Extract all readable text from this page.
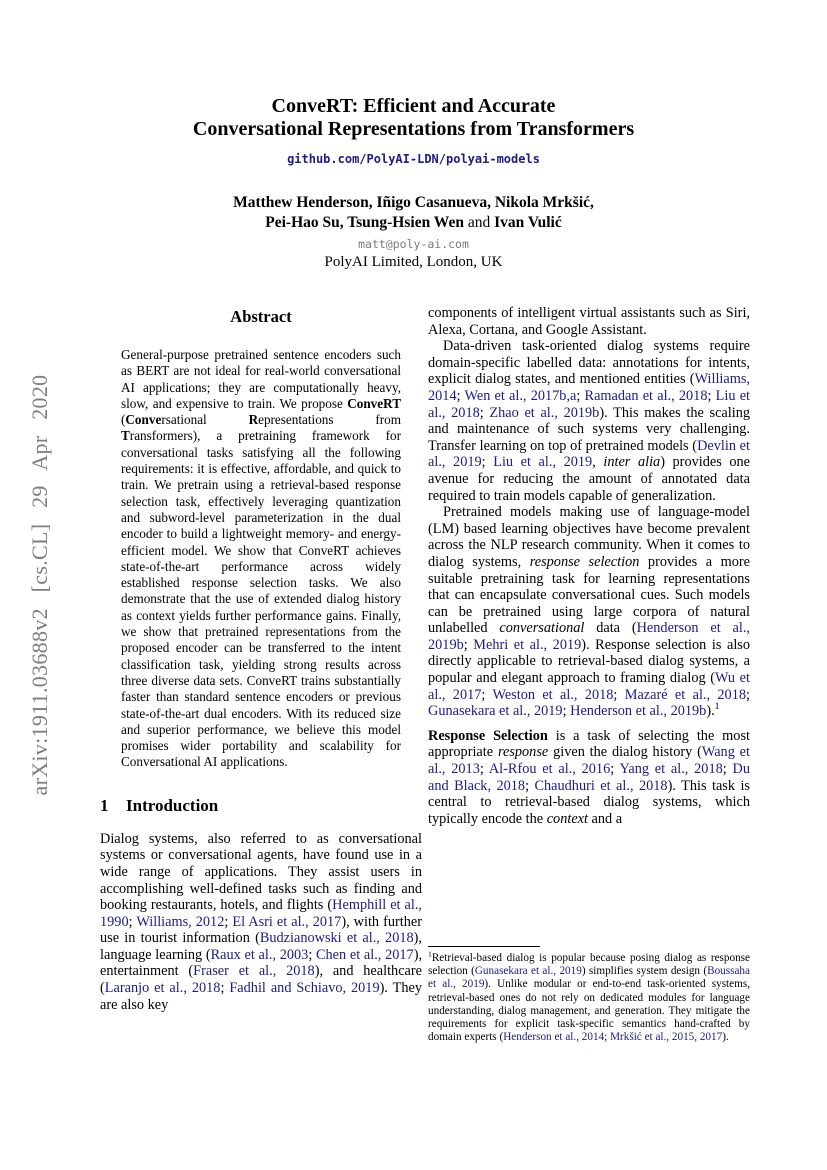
arXiv:1911.03688v2 [cs.CL] 29 Apr 2020
ConveRT: Efficient and Accurate
Conversational Representations from Transformers
github.com/PolyAI-LDN/polyai-models
Matthew Henderson, Iñigo Casanueva, Nikola Mrkšić,
Pei-Hao Su, Tsung-Hsien Wen and Ivan Vulić
matt@poly-ai.com
PolyAI Limited, London, UK
Abstract
General-purpose pretrained sentence encoders such as BERT are not ideal for real-world conversational AI applications; they are computationally heavy, slow, and expensive to train. We propose ConveRT (Conversational Representations from Transformers), a pretraining framework for conversational tasks satisfying all the following requirements: it is effective, affordable, and quick to train. We pretrain using a retrieval-based response selection task, effectively leveraging quantization and subword-level parameterization in the dual encoder to build a lightweight memory- and energy-efficient model. We show that ConveRT achieves state-of-the-art performance across widely established response selection tasks. We also demonstrate that the use of extended dialog history as context yields further performance gains. Finally, we show that pretrained representations from the proposed encoder can be transferred to the intent classification task, yielding strong results across three diverse data sets. ConveRT trains substantially faster than standard sentence encoders or previous state-of-the-art dual encoders. With its reduced size and superior performance, we believe this model promises wider portability and scalability for Conversational AI applications.
1 Introduction
Dialog systems, also referred to as conversational systems or conversational agents, have found use in a wide range of applications. They assist users in accomplishing well-defined tasks such as finding and booking restaurants, hotels, and flights (Hemphill et al., 1990; Williams, 2012; El Asri et al., 2017), with further use in tourist information (Budzianowski et al., 2018), language learning (Raux et al., 2003; Chen et al., 2017), entertainment (Fraser et al., 2018), and healthcare (Laranjo et al., 2018; Fadhil and Schiavo, 2019). They are also key
components of intelligent virtual assistants such as Siri, Alexa, Cortana, and Google Assistant.
Data-driven task-oriented dialog systems require domain-specific labelled data: annotations for intents, explicit dialog states, and mentioned entities (Williams, 2014; Wen et al., 2017b,a; Ramadan et al., 2018; Liu et al., 2018; Zhao et al., 2019b). This makes the scaling and maintenance of such systems very challenging. Transfer learning on top of pretrained models (Devlin et al., 2019; Liu et al., 2019, inter alia) provides one avenue for reducing the amount of annotated data required to train models capable of generalization.
Pretrained models making use of language-model (LM) based learning objectives have become prevalent across the NLP research community. When it comes to dialog systems, response selection provides a more suitable pretraining task for learning representations that can encapsulate conversational cues. Such models can be pretrained using large corpora of natural unlabelled conversational data (Henderson et al., 2019b; Mehri et al., 2019). Response selection is also directly applicable to retrieval-based dialog systems, a popular and elegant approach to framing dialog (Wu et al., 2017; Weston et al., 2018; Mazaré et al., 2018; Gunasekara et al., 2019; Henderson et al., 2019b).$^1$
Response Selection is a task of selecting the most appropriate response given the dialog history (Wang et al., 2013; Al-Rfou et al., 2016; Yang et al., 2018; Du and Black, 2018; Chaudhuri et al., 2018). This task is central to retrieval-based dialog systems, which typically encode the context and a
$^1$Retrieval-based dialog is popular because posing dialog as response selection (Gunasekara et al., 2019) simplifies system design (Boussaha et al., 2019). Unlike modular or end-to-end task-oriented systems, retrieval-based ones do not rely on dedicated modules for language understanding, dialog management, and generation. They mitigate the requirements for explicit task-specific semantics hand-crafted by domain experts (Henderson et al., 2014; Mrkšić et al., 2015, 2017).
